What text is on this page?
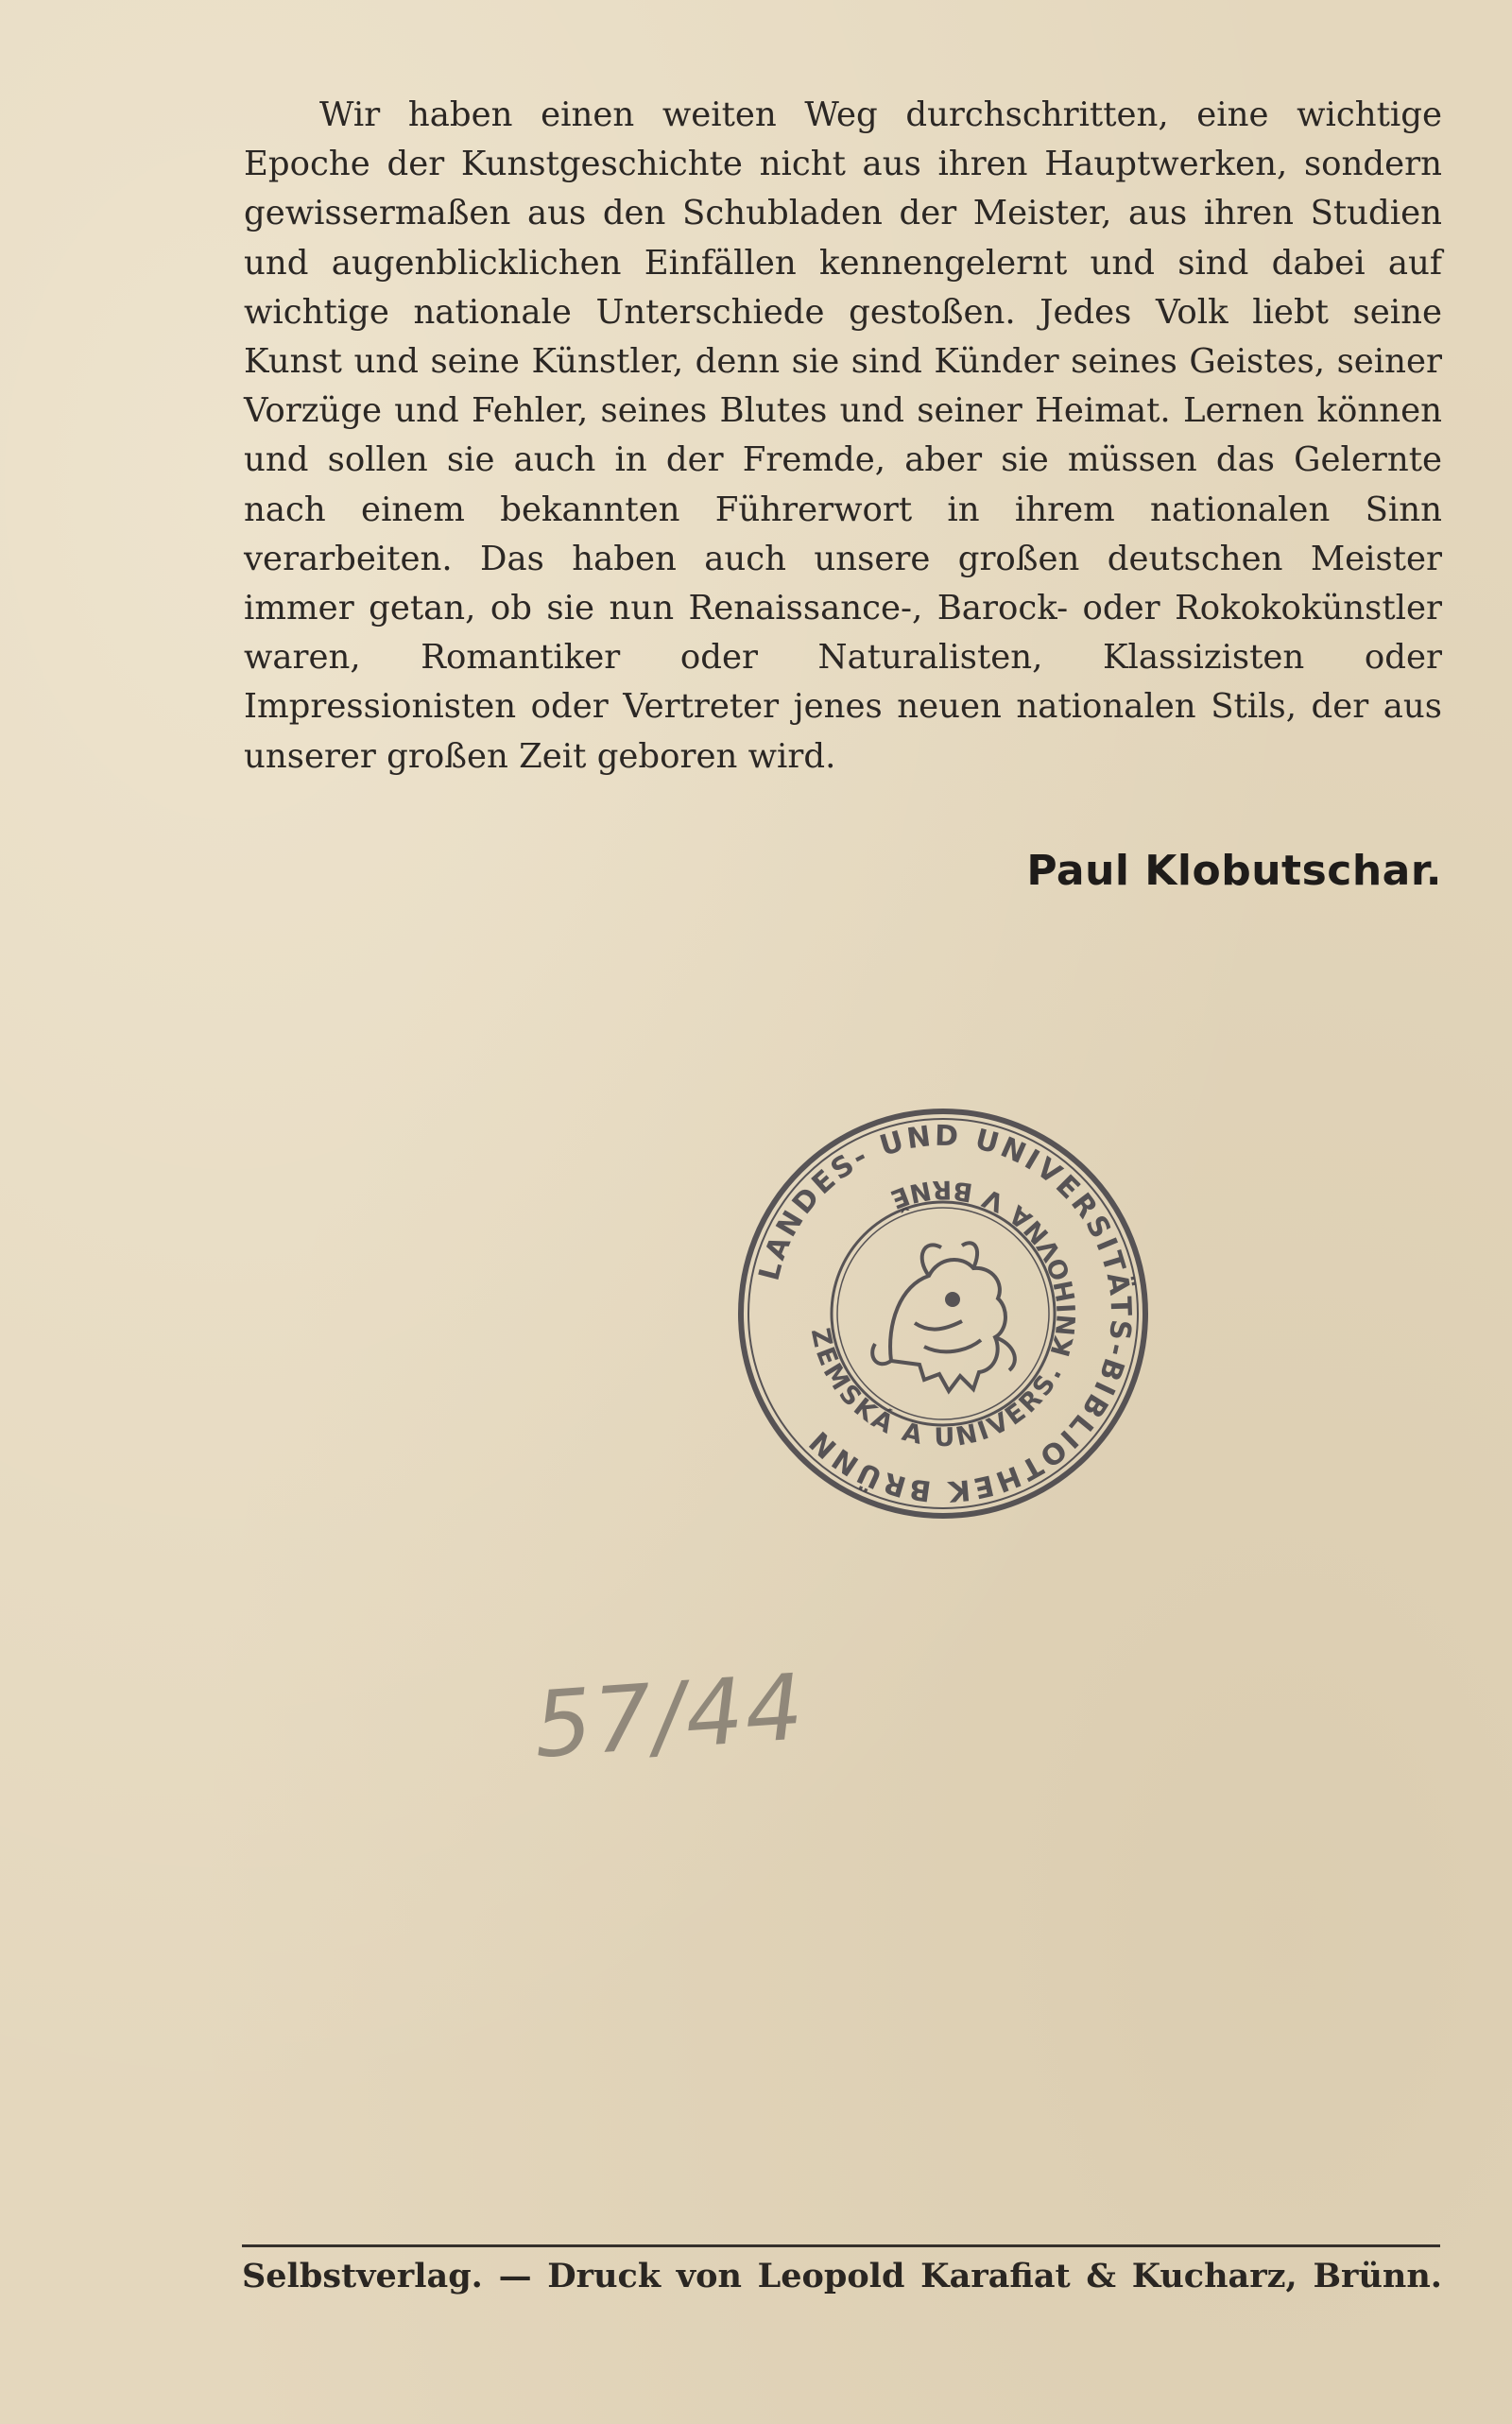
Wir haben einen weiten Weg durchschritten, eine wichtige Epoche der Kunstgeschichte nicht aus ihren Hauptwerken, sondern gewissermaßen aus den Schubladen der Meister, aus ihren Studien und augenblicklichen Einfällen kennengelernt und sind dabei auf wichtige nationale Unterschiede gestoßen. Jedes Volk liebt seine Kunst und seine Künstler, denn sie sind Künder seines Geistes, seiner Vorzüge und Fehler, seines Blutes und seiner Heimat. Lernen können und sollen sie auch in der Fremde, aber sie müssen das Gelernte nach einem bekannten Führerwort in ihrem nationalen Sinn verarbeiten. Das haben auch unsere großen deutschen Meister immer getan, ob sie nun Renaissance-, Barock- oder Rokokokünstler waren, Romantiker oder Naturalisten, Klassizisten oder Impressionisten oder Vertreter jenes neuen nationalen Stils, der aus unserer großen Zeit geboren wird.

Paul Klobutschar.

LANDES- UND UNIVERSITÄTS-BIBLIOTHEK BRÜNN
ZEMSKÁ A UNIVERS. KNIHOVNA V BRNĚ
57/44

Selbstverlag. — Druck von Leopold Karafiat & Kucharz, Brünn.
